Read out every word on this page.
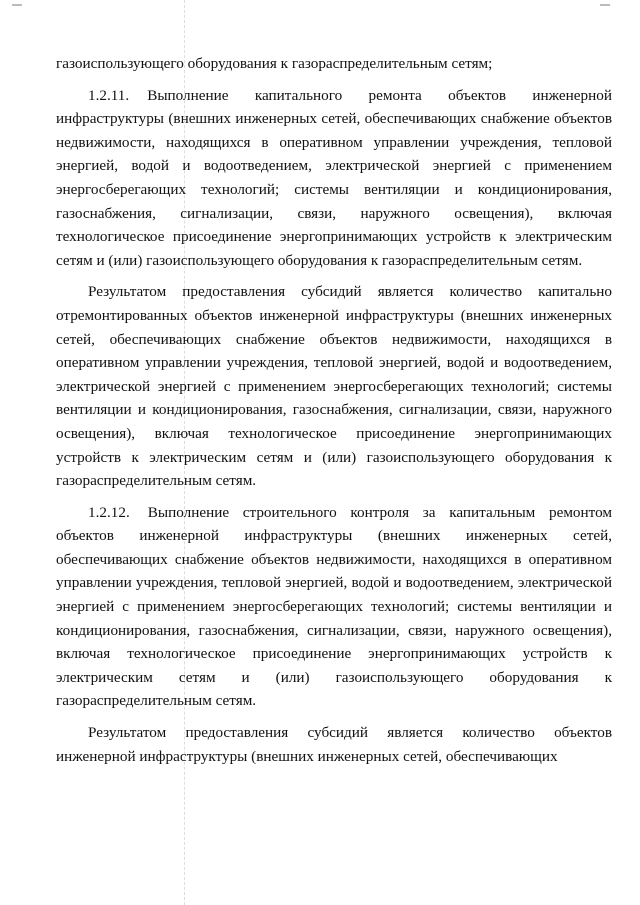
газоиспользующего оборудования к газораспределительным сетям;

1.2.11. Выполнение капитального ремонта объектов инженерной инфраструктуры (внешних инженерных сетей, обеспечивающих снабжение объектов недвижимости, находящихся в оперативном управлении учреждения, тепловой энергией, водой и водоотведением, электрической энергией с применением энергосберегающих технологий; системы вентиляции и кондиционирования, газоснабжения, сигнализации, связи, наружного освещения), включая технологическое присоединение энергопринимающих устройств к электрическим сетям и (или) газоиспользующего оборудования к газораспределительным сетям.

Результатом предоставления субсидий является количество капитально отремонтированных объектов инженерной инфраструктуры (внешних инженерных сетей, обеспечивающих снабжение объектов недвижимости, находящихся в оперативном управлении учреждения, тепловой энергией, водой и водоотведением, электрической энергией с применением энергосберегающих технологий; системы вентиляции и кондиционирования, газоснабжения, сигнализации, связи, наружного освещения), включая технологическое присоединение энергопринимающих устройств к электрическим сетям и (или) газоиспользующего оборудования к газораспределительным сетям.

1.2.12. Выполнение строительного контроля за капитальным ремонтом объектов инженерной инфраструктуры (внешних инженерных сетей, обеспечивающих снабжение объектов недвижимости, находящихся в оперативном управлении учреждения, тепловой энергией, водой и водоотведением, электрической энергией с применением энергосберегающих технологий; системы вентиляции и кондиционирования, газоснабжения, сигнализации, связи, наружного освещения), включая технологическое присоединение энергопринимающих устройств к электрическим сетям и (или) газоиспользующего оборудования к газораспределительным сетям.

Результатом предоставления субсидий является количество объектов инженерной инфраструктуры (внешних инженерных сетей, обеспечивающих
